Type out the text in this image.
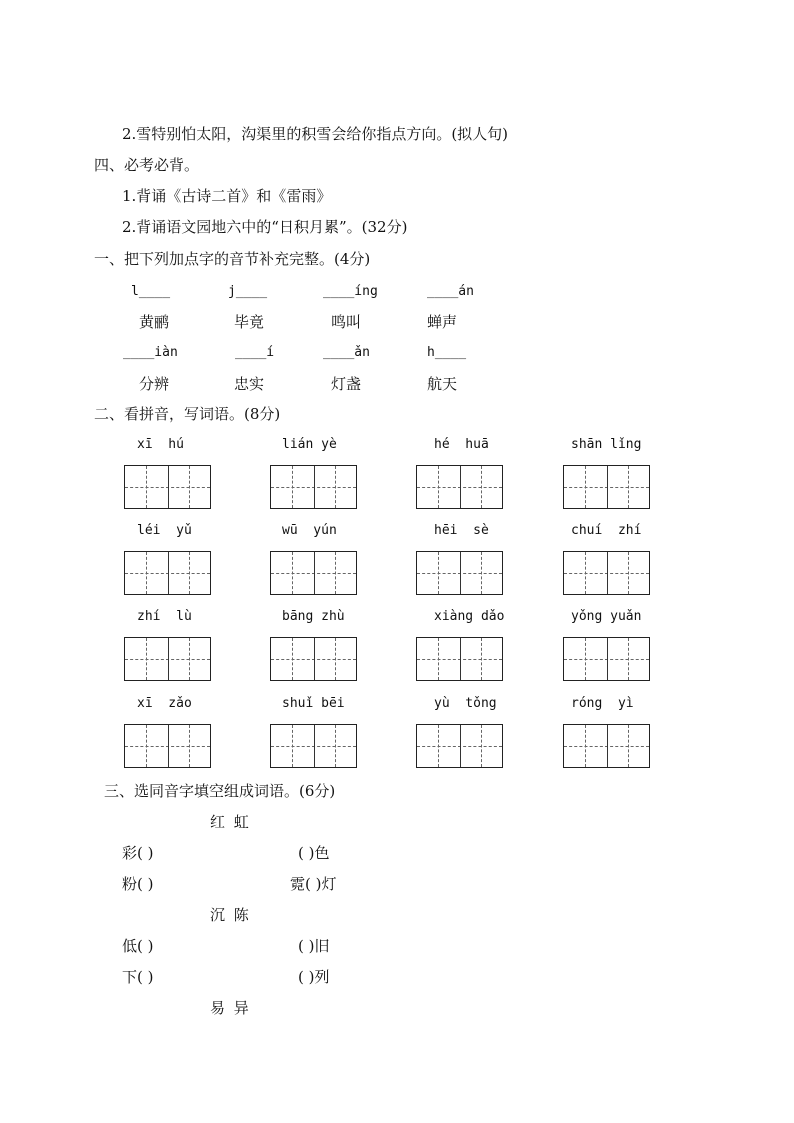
2.雪特别怕太阳，沟渠里的积雪会给你指点方向。(拟人句)
四、必考必背。
1.背诵《古诗二首》和《雷雨》
2.背诵语文园地六中的“日积月累”。(32分)
一、把下列加点字的音节补充完整。(4分)
l____	j____	____íng	____án
黄鹂	毕竟	鸣叫	蝉声
____iàn	____í	____ǎn	h____
分辨	忠实	灯盏	航天
二、看拼音，写词语。(8分)
xī  hú	lián yè	hé  huā	shān lǐng
léi  yǔ	wū  yún	hēi  sè	chuí  zhí
zhí  lù	bāng zhù	xiàng dǎo	yǒng yuǎn
xī  zǎo	shuǐ bēi	yù  tǒng	róng  yì
三、选同音字填空组成词语。(6分)
红 虹
彩( )	( )色
粉( )	霓( )灯
沉 陈
低( )	( )旧
下( )	( )列
易 异
